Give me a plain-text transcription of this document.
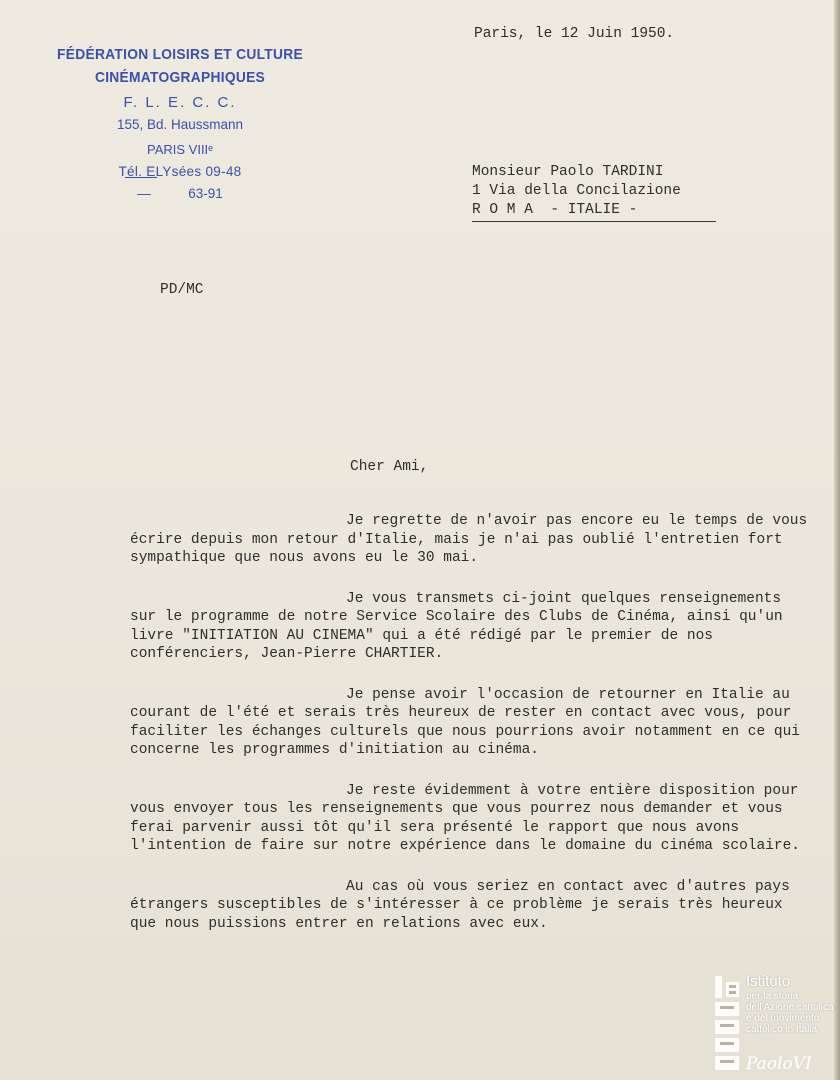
FÉDÉRATION LOISIRS ET CULTURE
CINÉMATOGRAPHIQUES
F. L. E. C. C.
155, Bd. Haussmann
PARIS VIIIᵉ
Tél. ELYsées 09-48
—          63-91
Paris, le 12 Juin 1950.
Monsieur Paolo TARDINI
1 Via della Concilazione
R O M A  - ITALIE -
PD/MC
Cher Ami,

Je regrette de n'avoir pas encore eu le temps de vous écrire depuis mon retour d'Italie, mais je n'ai pas oublié l'entretien fort sympathique que nous avons eu le 30 mai.

Je vous transmets ci-joint quelques renseignements sur le programme de notre Service Scolaire des Clubs de Cinéma, ainsi qu'un livre "INITIATION AU CINEMA" qui a été rédigé par le premier de nos conférenciers, Jean-Pierre CHARTIER.

Je pense avoir l'occasion de retourner en Italie au courant de l'été et serais très heureux de rester en contact avec vous, pour faciliter les échanges culturels que nous pourrions avoir notamment en ce qui concerne les programmes d'initiation au cinéma.

Je reste évidemment à votre entière disposition pour vous envoyer tous les renseignements que vous pourrez nous demander et vous ferai parvenir aussi tôt qu'il sera présenté le rapport que nous avons l'intention de faire sur notre expérience dans le domaine du cinéma scolaire.

Au cas où vous seriez en contact avec d'autres pays étrangers susceptibles de s'intéresser à ce problème je serais très heureux que nous puissions entrer en relations avec eux.

Istituto
per la storia
dell'Azione cattolica
e del movimento
cattolico in Italia
PaoloVI
